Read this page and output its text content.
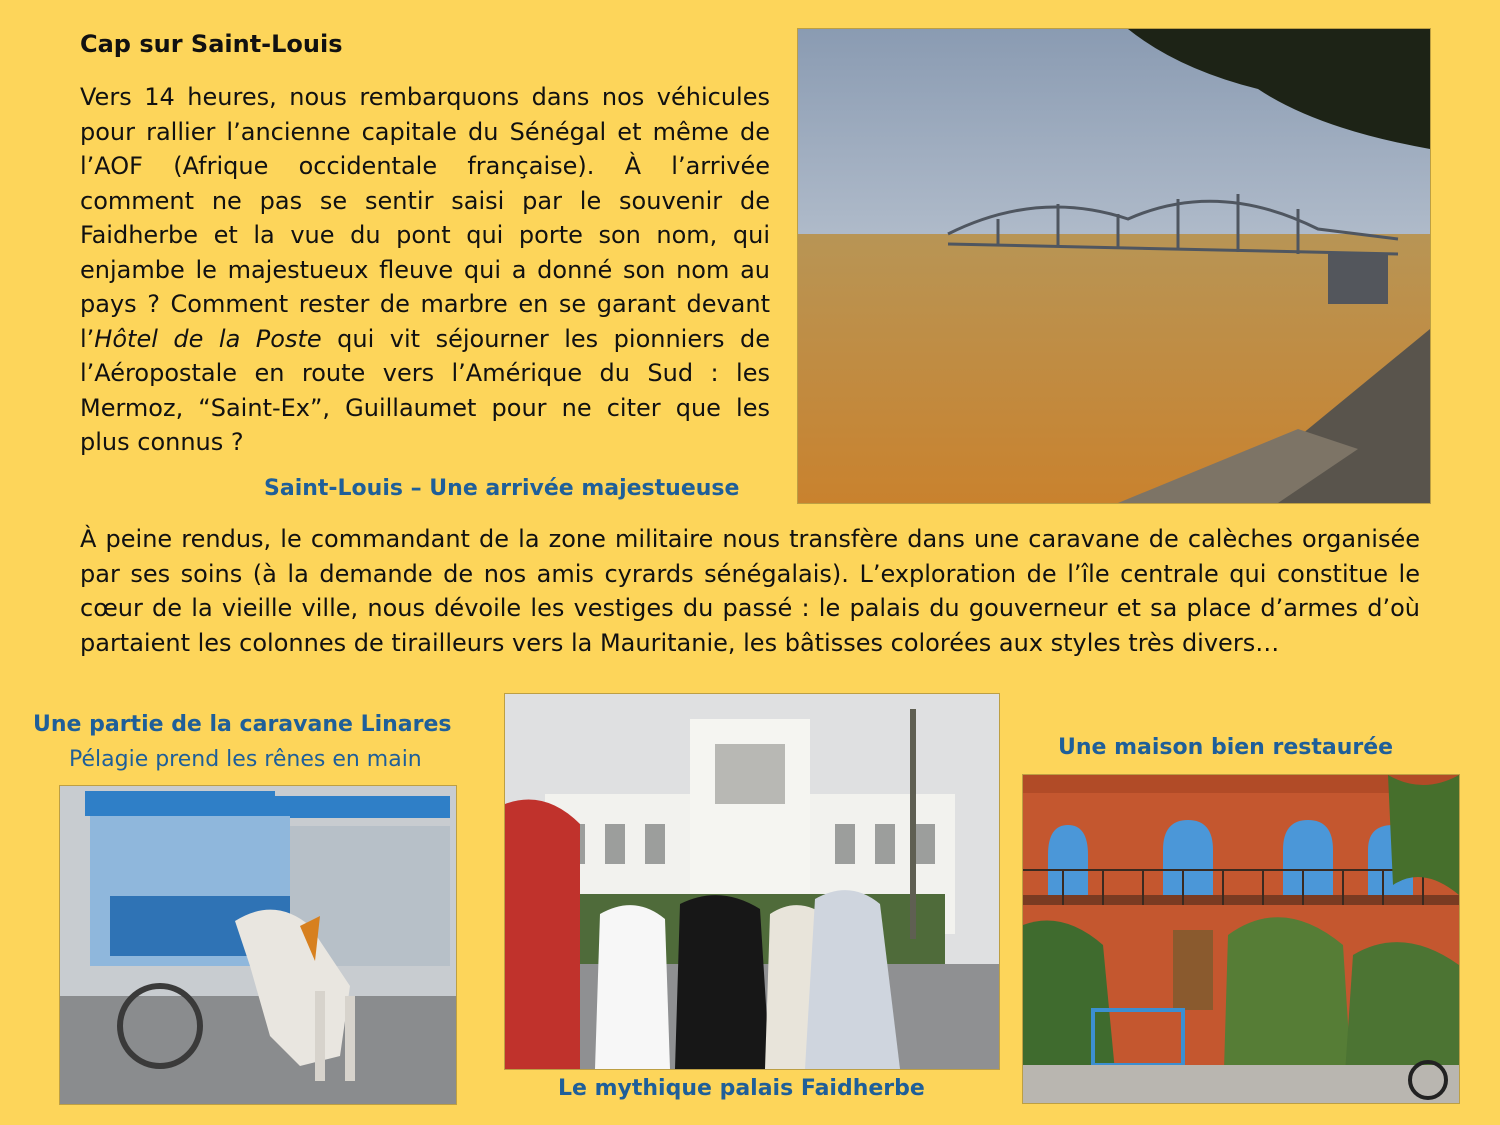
Cap sur Saint-Louis

Vers 14 heures, nous rembarquons dans nos véhicules pour rallier l’ancienne capitale du Sénégal et même de l’AOF (Afrique occidentale française). À l’arrivée comment ne pas se sentir saisi par le souvenir de Faidherbe et la vue du pont qui porte son nom, qui enjambe le majestueux fleuve qui a donné son nom au pays ? Comment rester de marbre en se garant devant l’Hôtel de la Poste qui vit séjourner les pionniers de l’Aéropostale en route vers l’Amérique du Sud : les Mermoz, “Saint-Ex”, Guillaumet pour ne citer que les plus connus ?

Saint-Louis – Une arrivée majestueuse

À peine rendus, le commandant de la zone militaire nous transfère dans une caravane de calèches organisée par ses soins (à la demande de nos amis cyrards sénégalais). L’exploration de l’île centrale qui constitue le cœur de la vieille ville, nous dévoile les vestiges du passé : le palais du gouverneur et sa place d’armes d’où partaient les colonnes de tirailleurs vers la Mauritanie, les bâtisses colorées aux styles très divers…

Une partie de la caravane Linares

Pélagie prend les rênes en main

Le mythique palais Faidherbe

Une maison bien restaurée
